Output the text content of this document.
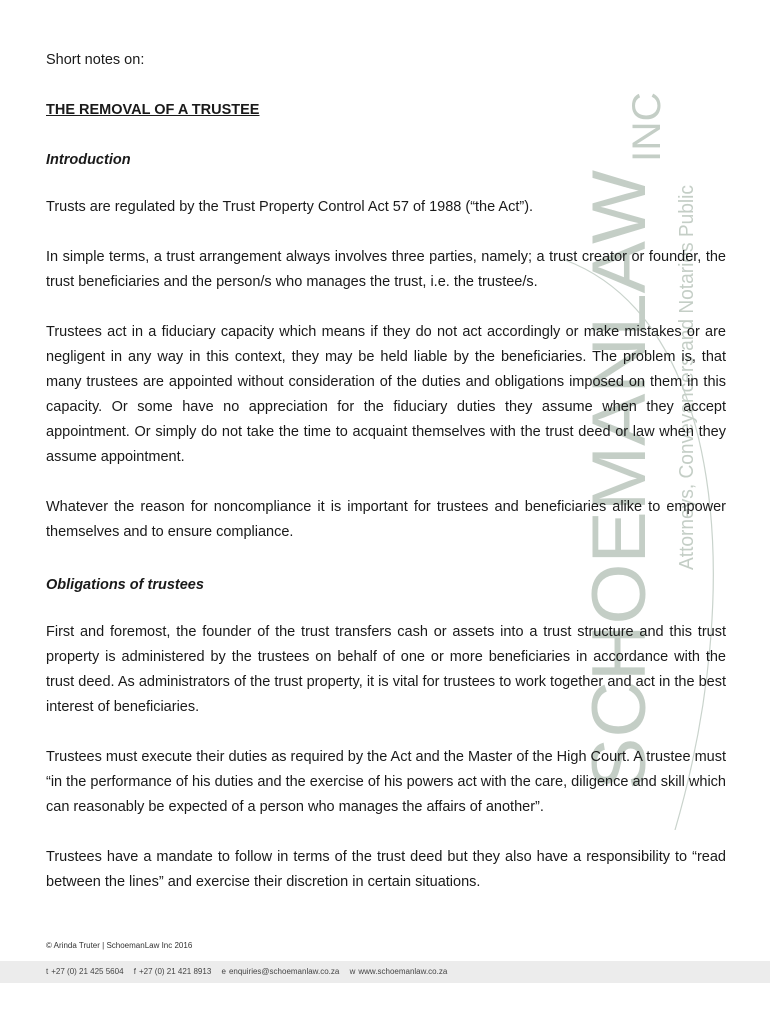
SCHOEMANLAW
INC
Attorneys, Conveyancers and Notaries Public

Short notes on:

THE REMOVAL OF A TRUSTEE
Introduction

Trusts are regulated by the Trust Property Control Act 57 of 1988 (“the Act”).

In simple terms, a trust arrangement always involves three parties, namely; a trust creator or founder, the trust beneficiaries and the person/s who manages the trust, i.e. the trustee/s.

Trustees act in a fiduciary capacity which means if they do not act accordingly or make mistakes or are negligent in any way in this context, they may be held liable by the beneficiaries. The problem is, that many trustees are appointed without consideration of the duties and obligations imposed on them in this capacity. Or some have no appreciation for the fiduciary duties they assume when they accept appointment. Or simply do not take the time to acquaint themselves with the trust deed or law when they assume appointment.

Whatever the reason for noncompliance it is important for trustees and beneficiaries alike to empower themselves and to ensure compliance.

Obligations of trustees

First and foremost, the founder of the trust transfers cash or assets into a trust structure and this trust property is administered by the trustees on behalf of one or more beneficiaries in accordance with the trust deed. As administrators of the trust property, it is vital for trustees to work together and act in the best interest of beneficiaries.

Trustees must execute their duties as required by the Act and the Master of the High Court. A trustee must “in the performance of his duties and the exercise of his powers act with the care, diligence and skill which can reasonably be expected of a person who manages the affairs of another”.

Trustees have a mandate to follow in terms of the trust deed but they also have a responsibility to “read between the lines” and exercise their discretion in certain situations.

© Arinda Truter | SchoemanLaw Inc 2016
t +27 (0) 21 425 5604 f +27 (0) 21 421 8913 e enquiries@schoemanlaw.co.za w www.schoemanlaw.co.za
